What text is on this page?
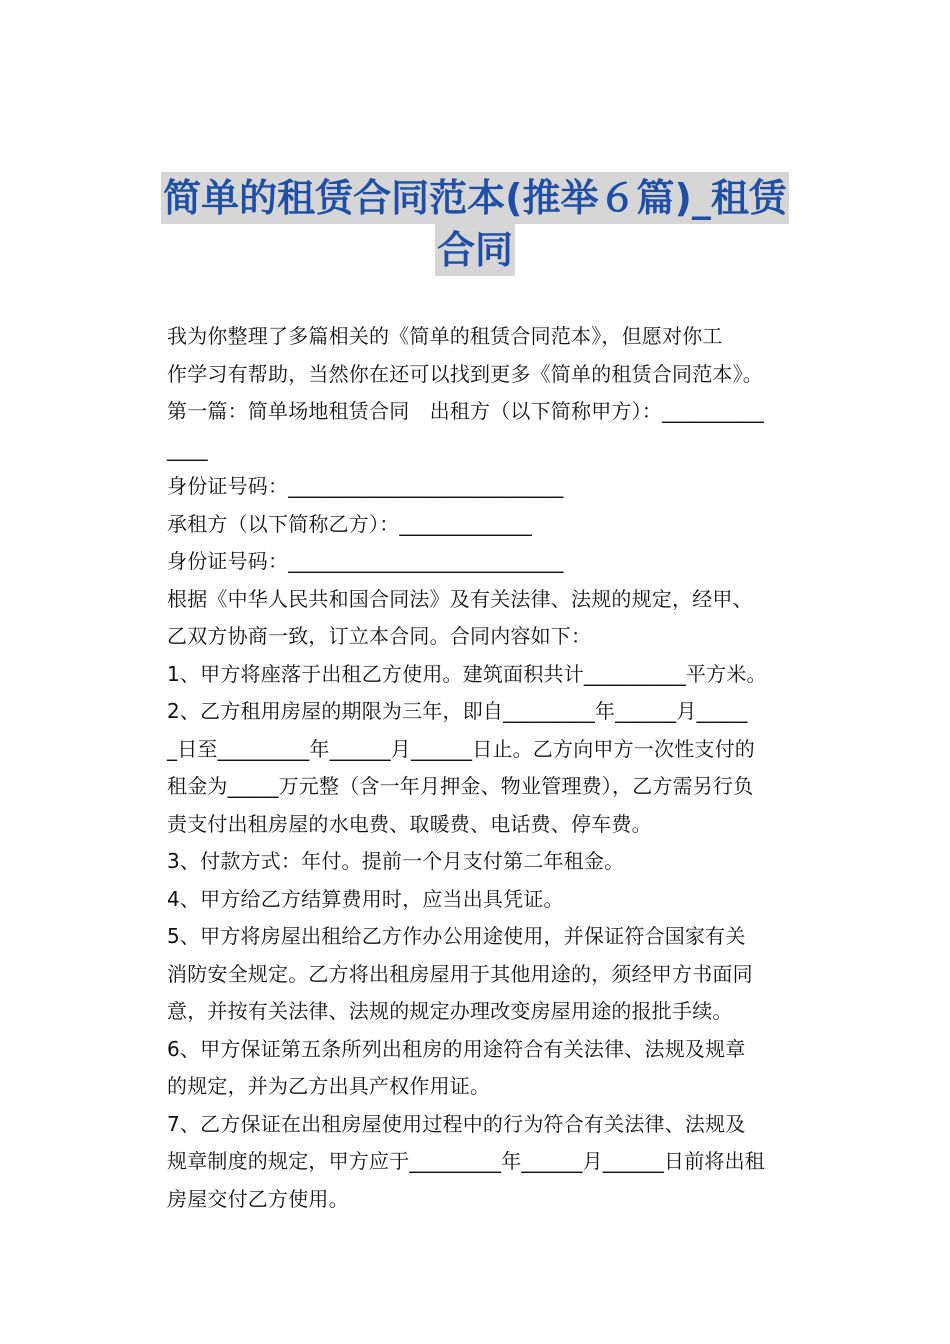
简单的租赁合同范本(推举６篇)_租赁
合同

我为你整理了多篇相关的《简单的租赁合同范本》，但愿对你工
作学习有帮助，当然你在还可以找到更多《简单的租赁合同范本》。
第一篇：简单场地租赁合同　出租方（以下简称甲方）：__________
____

身份证号码：___________________________

承租方（以下简称乙方）：_____________

身份证号码：___________________________

根据《中华人民共和国合同法》及有关法律、法规的规定，经甲、
乙双方协商一致，订立本合同。合同内容如下：

1、甲方将座落于出租乙方使用。建筑面积共计__________平方米。

2、乙方租用房屋的期限为三年，即自_________年______月_____
_日至_________年______月______日止。乙方向甲方一次性支付的
租金为_____万元整（含一年月押金、物业管理费），乙方需另行负
责支付出租房屋的水电费、取暖费、电话费、停车费。

3、付款方式：年付。提前一个月支付第二年租金。

4、甲方给乙方结算费用时，应当出具凭证。

5、甲方将房屋出租给乙方作办公用途使用，并保证符合国家有关
消防安全规定。乙方将出租房屋用于其他用途的，须经甲方书面同
意，并按有关法律、法规的规定办理改变房屋用途的报批手续。

6、甲方保证第五条所列出租房的用途符合有关法律、法规及规章
的规定，并为乙方出具产权作用证。

7、乙方保证在出租房屋使用过程中的行为符合有关法律、法规及
规章制度的规定，甲方应于_________年______月______日前将出租
房屋交付乙方使用。
